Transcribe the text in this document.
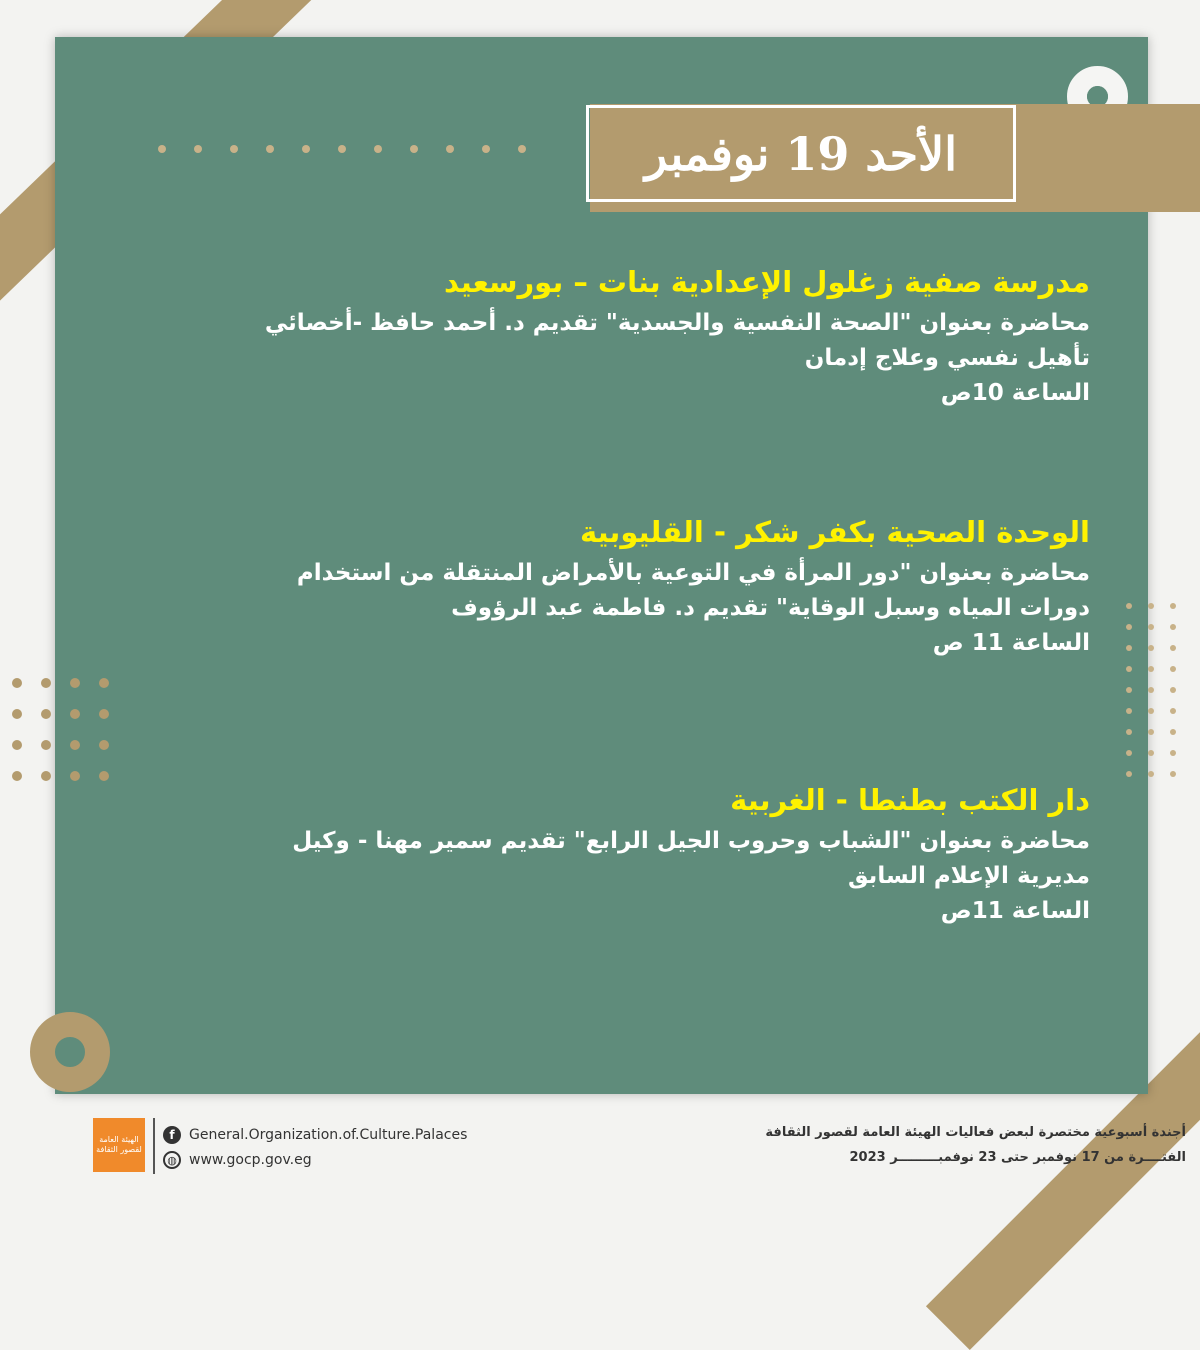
الأحد 19 نوفمبر
مدرسة صفية زغلول الإعدادية بنات – بورسعيد
محاضرة بعنوان "الصحة النفسية والجسدية" تقديم د. أحمد حافظ -أخصائي
تأهيل نفسي وعلاج إدمان
الساعة 10ص
الوحدة الصحية بكفر شكر - القليوبية
محاضرة بعنوان "دور المرأة في التوعية بالأمراض المنتقلة من استخدام
دورات المياه وسبل الوقاية" تقديم د. فاطمة عبد الرؤوف
الساعة 11 ص
دار الكتب بطنطا - الغربية
محاضرة بعنوان "الشباب وحروب الجيل الرابع" تقديم سمير مهنا - وكيل
مديرية الإعلام السابق
الساعة 11ص
الهيئة العامة لقصور الثقافة
f	General.Organization.of.Culture.Palaces
◍ www.gocp.gov.eg
أجندة أسبوعية مختصرة لبعض فعاليات الهيئة العامة لقصور الثقافة
الفتــــرة من 17 نوفمبر حتى 23 نوفمبـــــــــر 2023
